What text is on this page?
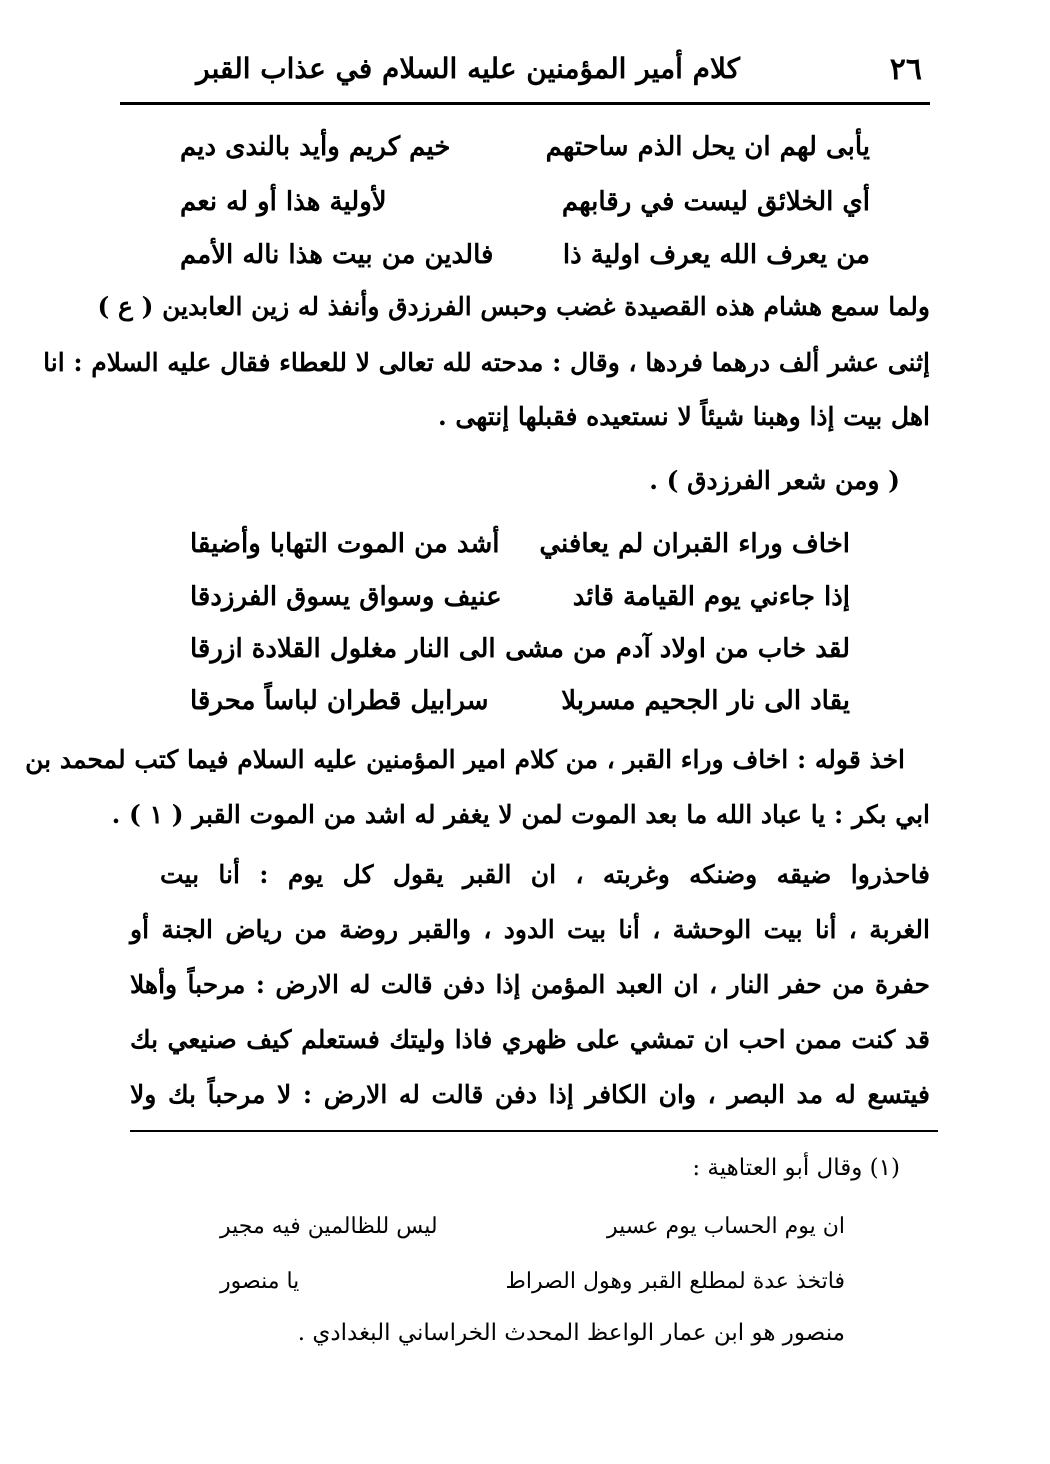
٢٦
كلام أمير المؤمنين عليه السلام في عذاب القبر
يأبى لهم ان يحل الذم ساحتهم
خيم كريم وأيد بالندى ديم
أي الخلائق ليست في رقابهم
لأولية هذا أو له نعم
من يعرف الله يعرف اولية ذا
فالدين من بيت هذا ناله الأمم
ولما سمع هشام هذه القصيدة غضب وحبس الفرزدق وأنفذ له زين العابدين ( ع )
إثنى عشر ألف درهما فردها ، وقال : مدحته لله تعالى لا للعطاء فقال عليه السلام : انا
اهل بيت إذا وهبنا شيئاً لا نستعيده فقبلها إنتهى .
( ومن شعر الفرزدق ) .
اخاف وراء القبران لم يعافني
أشد من الموت التهابا وأضيقا
إذا جاءني يوم القيامة قائد
عنيف وسواق يسوق الفرزدقا
لقد خاب من اولاد آدم من مشى
الى النار مغلول القلادة ازرقا
يقاد الى نار الجحيم مسربلا
سرابيل قطران لباساً محرقا
اخذ قوله : اخاف وراء القبر ، من كلام امير المؤمنين عليه السلام فيما كتب لمحمد بن
ابي بكر : يا عباد الله ما بعد الموت لمن لا يغفر له اشد من الموت القبر ( ١ ) .
فاحذروا ضيقه وضنكه وغربته ، ان القبر يقول كل يوم : أنا بيت
الغربة ، أنا بيت الوحشة ، أنا بيت الدود ، والقبر روضة من رياض الجنة أو
حفرة من حفر النار ، ان العبد المؤمن إذا دفن قالت له الارض : مرحباً وأهلا
قد كنت ممن احب ان تمشي على ظهري فاذا وليتك فستعلم كيف صنيعي بك
فيتسع له مد البصر ، وان الكافر إذا دفن قالت له الارض : لا مرحباً بك ولا
(١) وقال أبو العتاهية :
ان يوم الحساب يوم عسير
ليس للظالمين فيه مجير
فاتخذ عدة لمطلع القبر وهول الصراط
يا منصور
منصور هو ابن عمار الواعظ المحدث الخراساني البغدادي .
